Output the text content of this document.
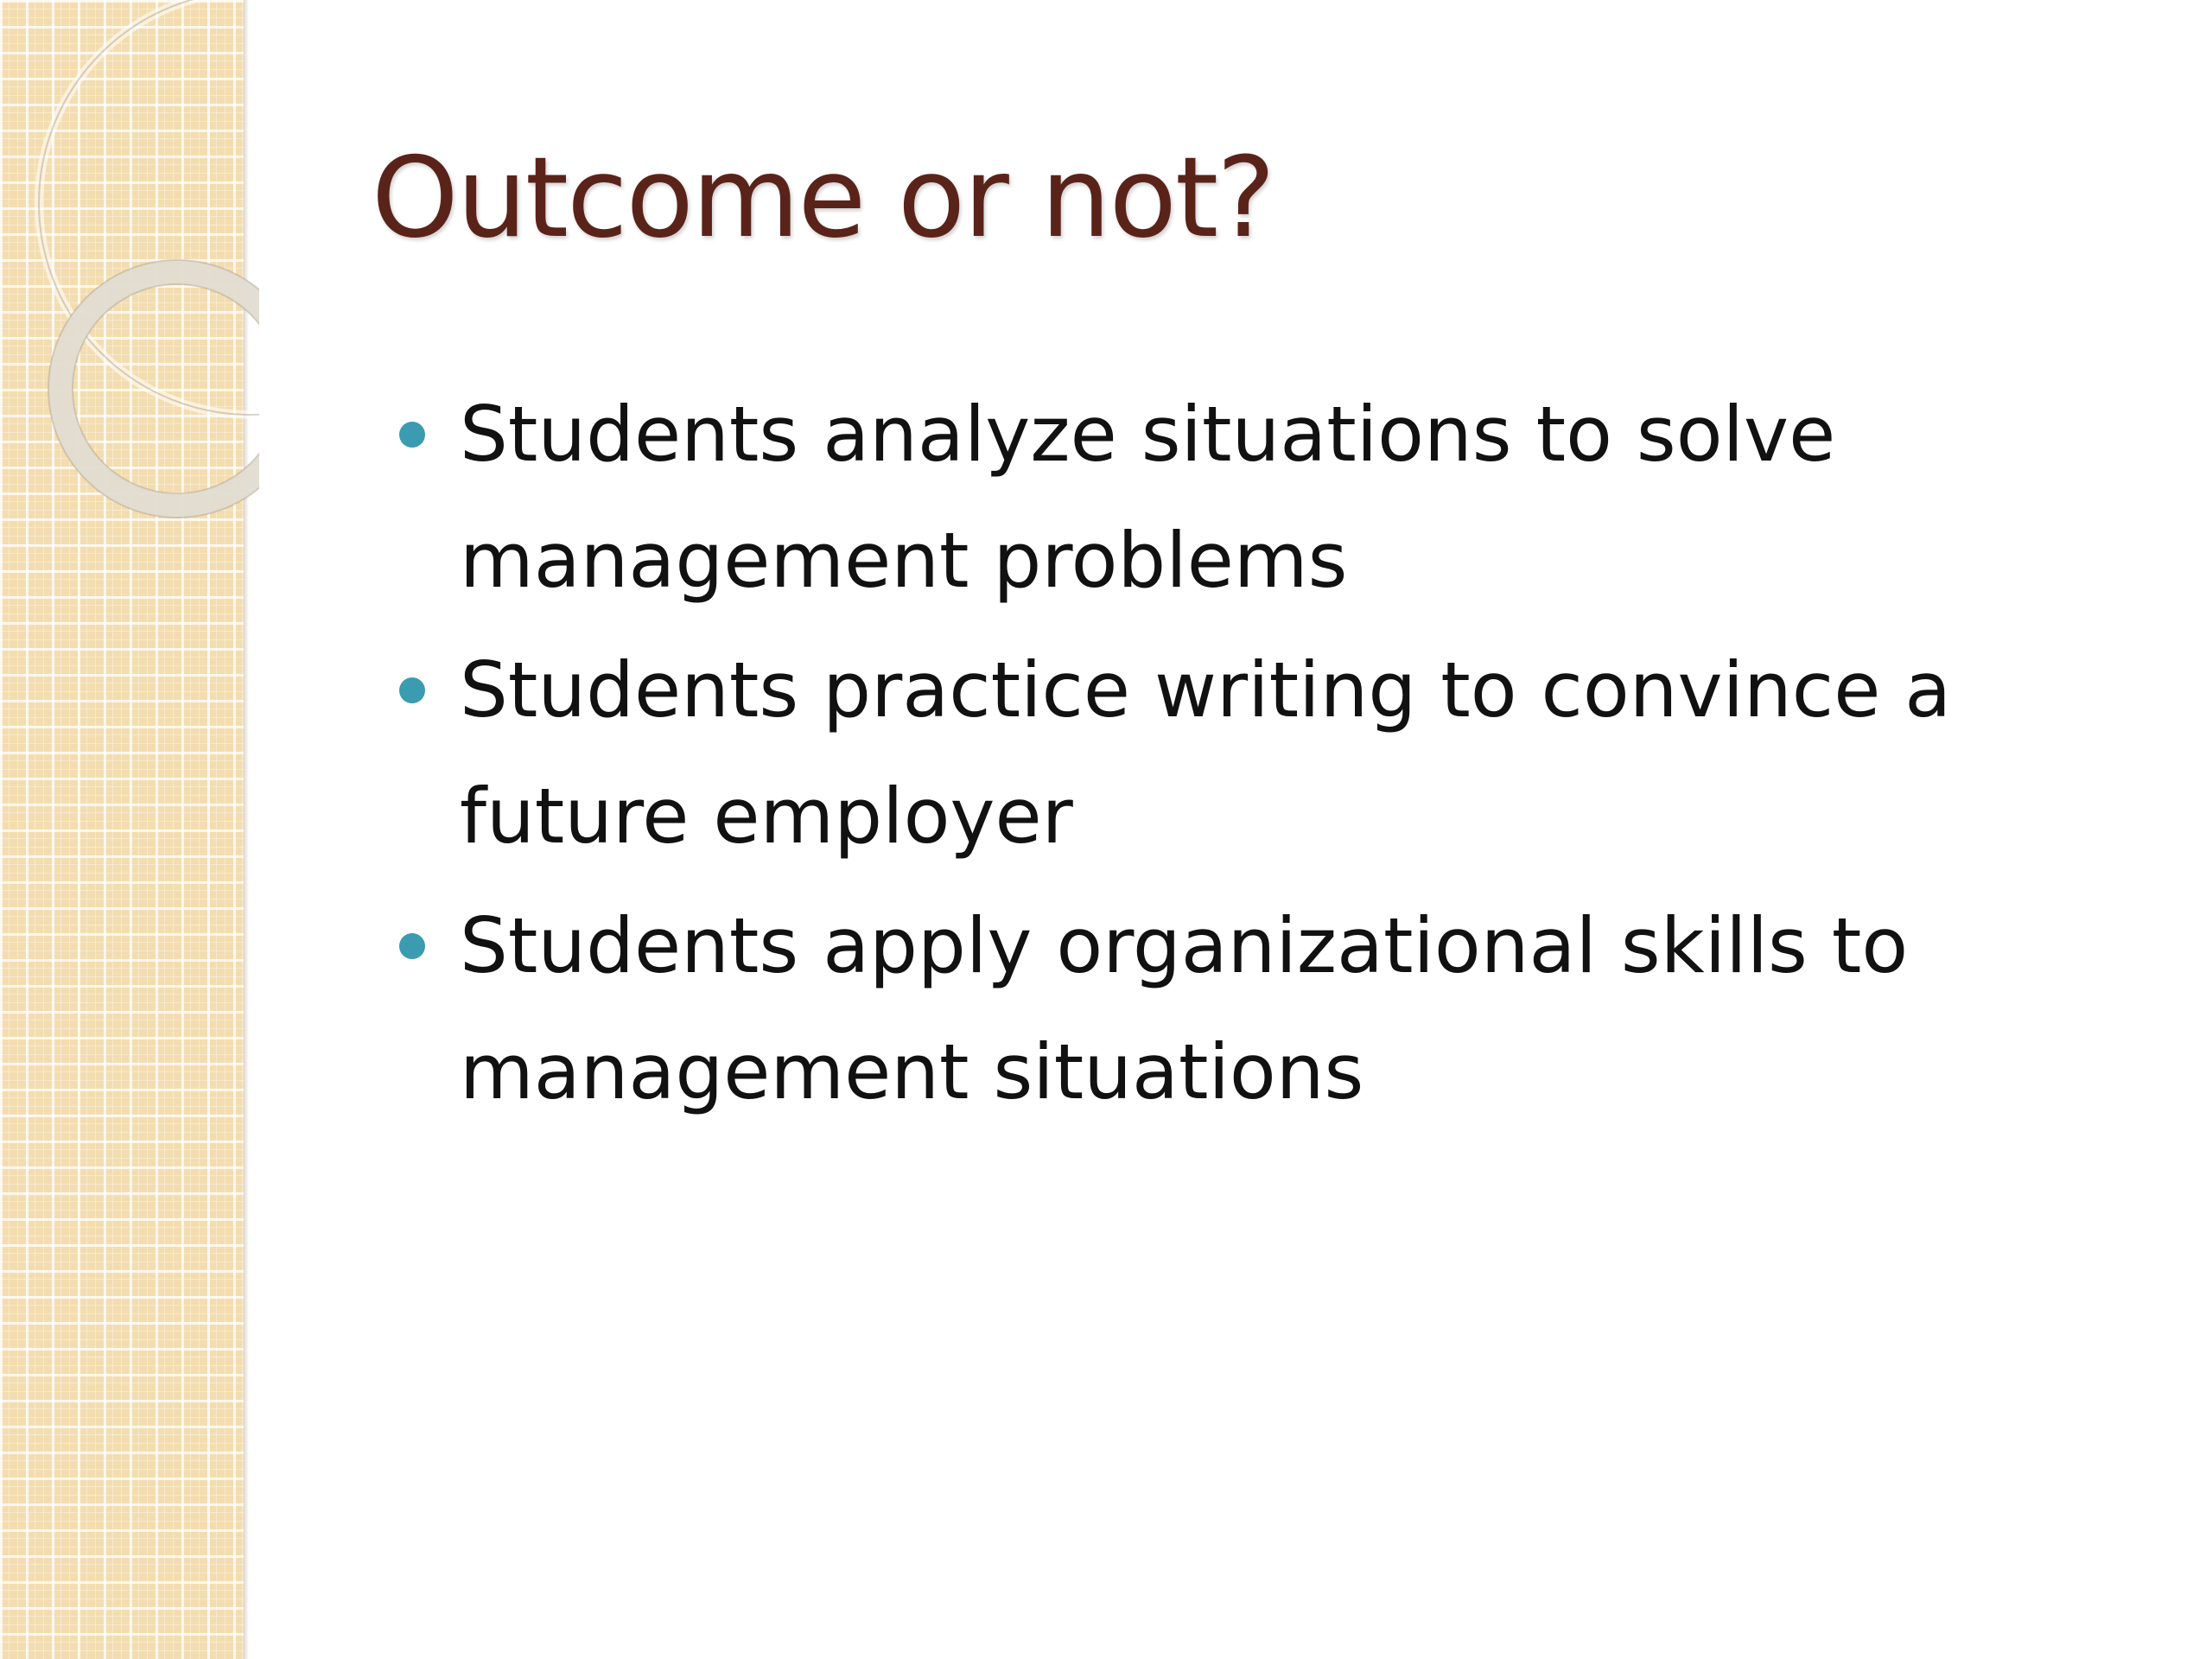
Outcome or not?
Students analyze situations to solve management problems
Students practice writing to convince a future employer
Students apply organizational skills to management situations
